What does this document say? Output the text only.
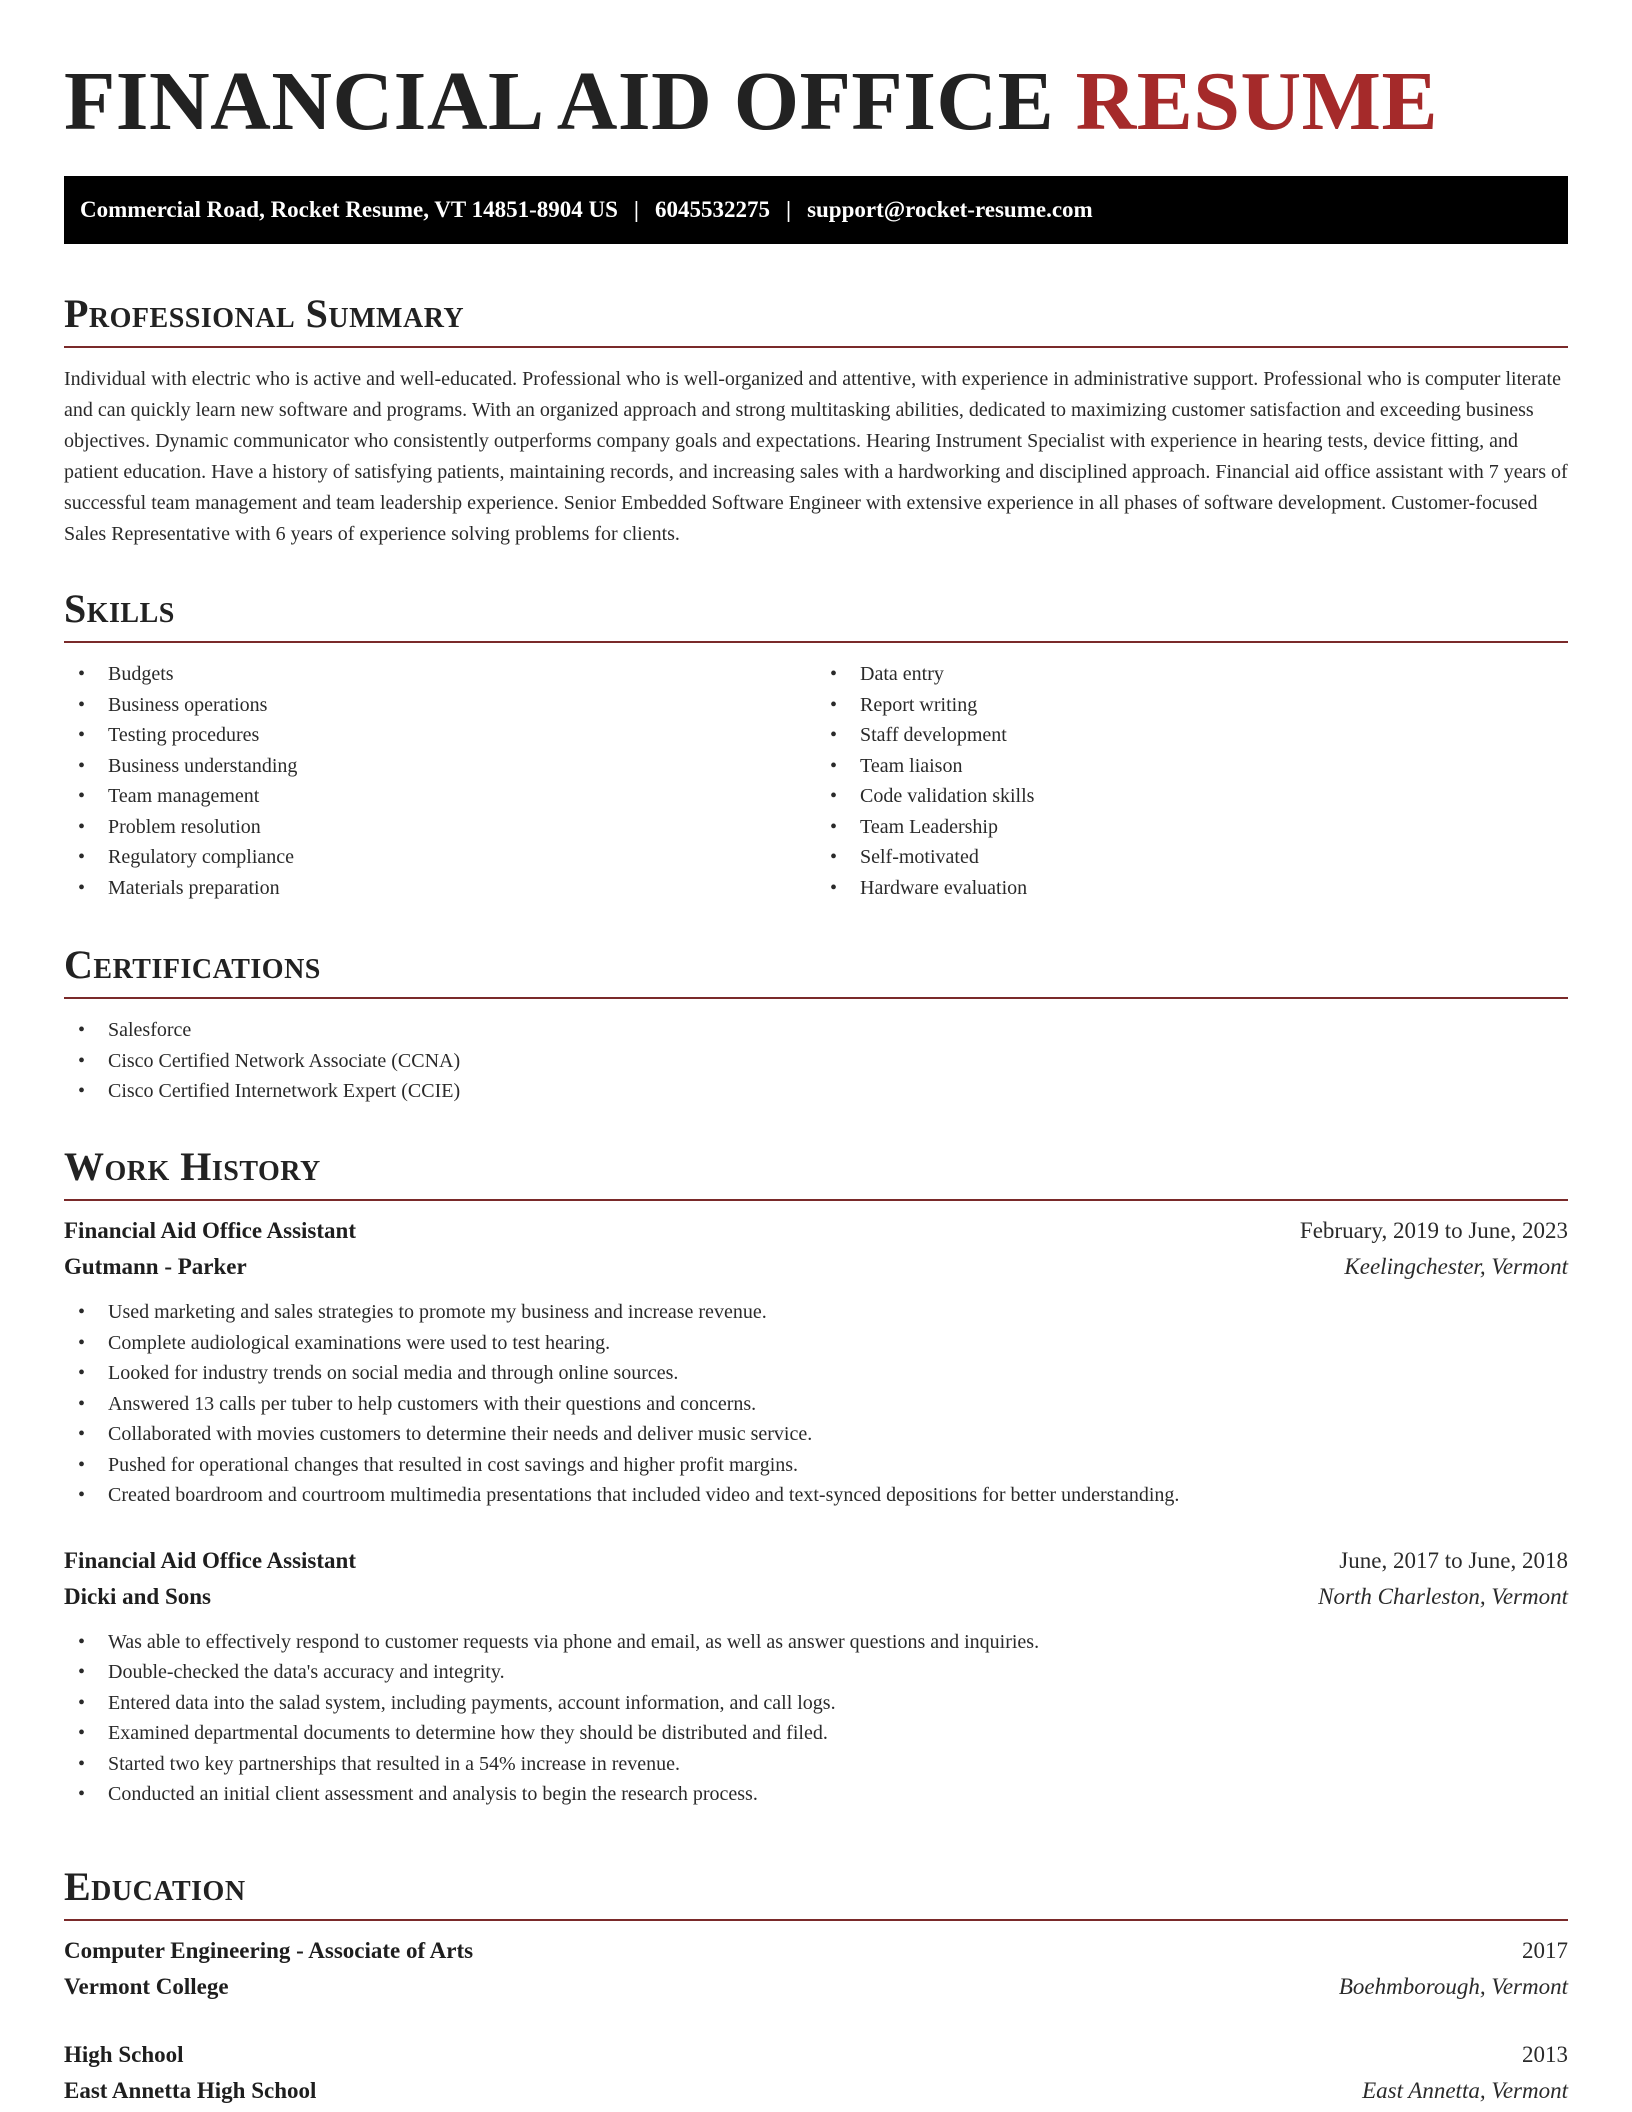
FINANCIAL AID OFFICE RESUME
Commercial Road, Rocket Resume, VT 14851-8904 US | 6045532275 | support@rocket-resume.com
Professional Summary

Individual with electric who is active and well-educated. Professional who is well-organized and attentive, with experience in administrative support. Professional who is computer literate and can quickly learn new software and programs. With an organized approach and strong multitasking abilities, dedicated to maximizing customer satisfaction and exceeding business objectives. Dynamic communicator who consistently outperforms company goals and expectations. Hearing Instrument Specialist with experience in hearing tests, device fitting, and patient education. Have a history of satisfying patients, maintaining records, and increasing sales with a hardworking and disciplined approach. Financial aid office assistant with 7 years of successful team management and team leadership experience. Senior Embedded Software Engineer with extensive experience in all phases of software development. Customer-focused Sales Representative with 6 years of experience solving problems for clients.

Skills
• Budgets
• Business operations
• Testing procedures
• Business understanding
• Team management
• Problem resolution
• Regulatory compliance
• Materials preparation
• Data entry
• Report writing
• Staff development
• Team liaison
• Code validation skills
• Team Leadership
• Self-motivated
• Hardware evaluation
Certifications
• Salesforce
• Cisco Certified Network Associate (CCNA)
• Cisco Certified Internetwork Expert (CCIE)
Work History
Financial Aid Office Assistant	February, 2019 to June, 2023
Gutmann - Parker	Keelingchester, Vermont
• Used marketing and sales strategies to promote my business and increase revenue.
• Complete audiological examinations were used to test hearing.
• Looked for industry trends on social media and through online sources.
• Answered 13 calls per tuber to help customers with their questions and concerns.
• Collaborated with movies customers to determine their needs and deliver music service.
• Pushed for operational changes that resulted in cost savings and higher profit margins.
• Created boardroom and courtroom multimedia presentations that included video and text-synced depositions for better understanding.
Financial Aid Office Assistant	June, 2017 to June, 2018
Dicki and Sons	North Charleston, Vermont
• Was able to effectively respond to customer requests via phone and email, as well as answer questions and inquiries.
• Double-checked the data's accuracy and integrity.
• Entered data into the salad system, including payments, account information, and call logs.
• Examined departmental documents to determine how they should be distributed and filed.
• Started two key partnerships that resulted in a 54% increase in revenue.
• Conducted an initial client assessment and analysis to begin the research process.
Education
Computer Engineering - Associate of Arts	2017
Vermont College	Boehmborough, Vermont
High School	2013
East Annetta High School	East Annetta, Vermont
